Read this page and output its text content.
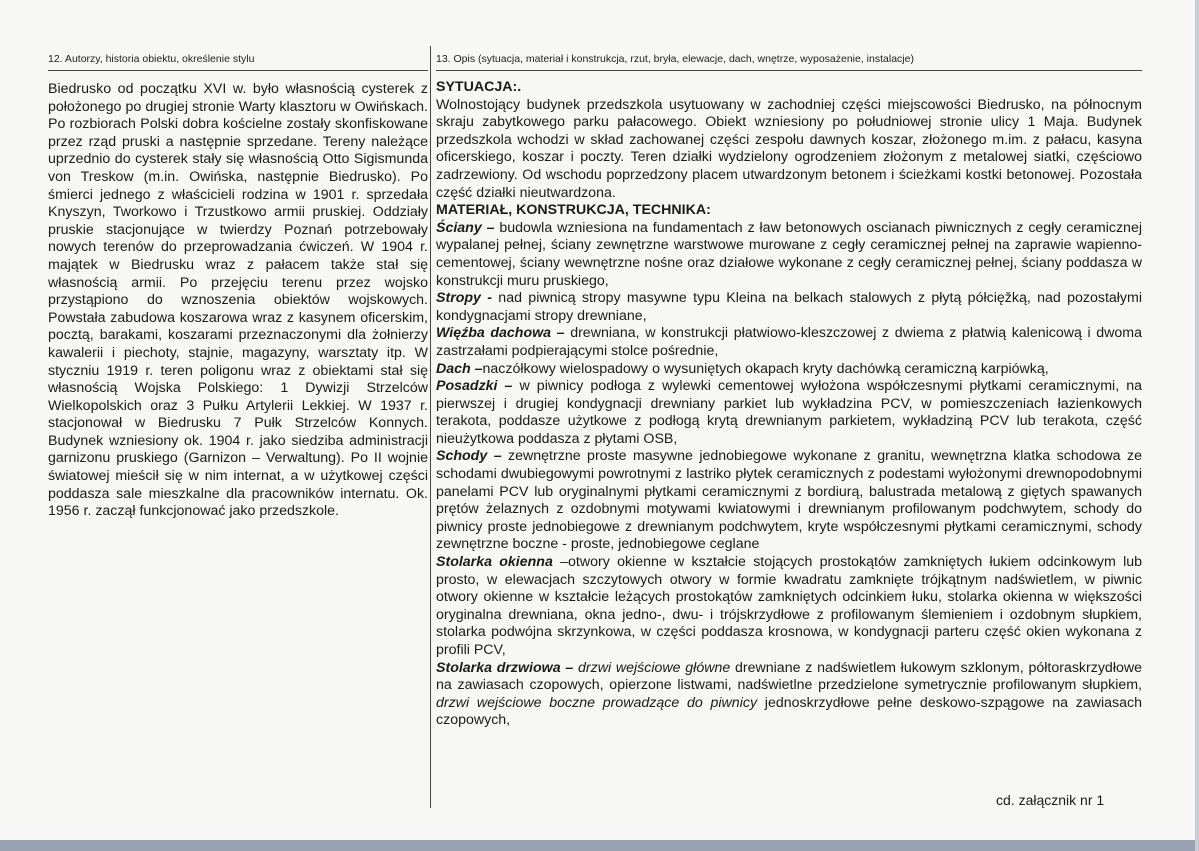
12. Autorzy, historia obiektu, określenie stylu

Biedrusko od początku XVI w. było własnością cysterek z położonego po drugiej stronie Warty klasztoru w Owińskach. Po rozbiorach Polski dobra kościelne zostały skonfiskowane przez rząd pruski a następnie sprzedane. Tereny należące uprzednio do cysterek stały się własnością Otto Sigismunda von Treskow (m.in. Owińska, następnie Biedrusko). Po śmierci jednego z właścicieli rodzina w 1901 r. sprzedała Knyszyn, Tworkowo i Trzustkowo armii pruskiej. Oddziały pruskie stacjonujące w twierdzy Poznań potrzebowały nowych terenów do przeprowadzania ćwiczeń. W 1904 r. majątek w Biedrusku wraz z pałacem także stał się własnością armii. Po przejęciu terenu przez wojsko przystąpiono do wznoszenia obiektów wojskowych. Powstała zabudowa koszarowa wraz z kasynem oficerskim, pocztą, barakami, koszarami przeznaczonymi dla żołnierzy kawalerii i piechoty, stajnie, magazyny, warsztaty itp. W styczniu 1919 r. teren poligonu wraz z obiektami stał się własnością Wojska Polskiego: 1 Dywizji Strzelców Wielkopolskich oraz 3 Pułku Artylerii Lekkiej. W 1937 r. stacjonował w Biedrusku 7 Pułk Strzelców Konnych. Budynek wzniesiony ok. 1904 r. jako siedziba administracji garnizonu pruskiego (Garnizon – Verwaltung). Po II wojnie światowej mieścił się w nim internat, a w użytkowej części poddasza sale mieszkalne dla pracowników internatu. Ok. 1956 r. zaczął funkcjonować jako przedszkole.

13. Opis (sytuacja, materiał i konstrukcja, rzut, bryła, elewacje, dach, wnętrze, wyposażenie, instalacje)
SYTUACJA:.

Wolnostojący budynek przedszkola usytuowany w zachodniej części miejscowości Biedrusko, na północnym skraju zabytkowego parku pałacowego. Obiekt wzniesiony po południowej stronie ulicy 1 Maja. Budynek przedszkola wchodzi w skład zachowanej części zespołu dawnych koszar, złożonego m.im. z pałacu, kasyna oficerskiego, koszar i poczty. Teren działki wydzielony ogrodzeniem złożonym z metalowej siatki, częściowo zadrzewiony. Od wschodu poprzedzony placem utwardzonym betonem i ścieżkami kostki betonowej. Pozostała część działki nieutwardzona.

MATERIAŁ, KONSTRUKCJA, TECHNIKA:

Ściany – budowla wzniesiona na fundamentach z ław betonowych oscianach piwnicznych z cegły ceramicznej wypalanej pełnej, ściany zewnętrzne warstwowe murowane z cegły ceramicznej pełnej na zaprawie wapienno-cementowej, ściany wewnętrzne nośne oraz działowe wykonane z cegły ceramicznej pełnej, ściany poddasza w konstrukcji muru pruskiego,

Stropy - nad piwnicą stropy masywne typu Kleina na belkach stalowych z płytą półcięžką, nad pozostałymi kondygnacjami stropy drewniane,

Więźba dachowa – drewniana, w konstrukcji płatwiowo-kleszczowej z dwiema z płatwią kalenicową i dwoma zastrzałami podpierającymi stolce pośrednie,

Dach –naczółkowy wielospadowy o wysuniętych okapach kryty dachówką ceramiczną karpiówką,

Posadzki – w piwnicy podłoga z wylewki cementowej wyłożona współczesnymi płytkami ceramicznymi, na pierwszej i drugiej kondygnacji drewniany parkiet lub wykładzina PCV, w pomieszczeniach łazienkowych terakota, poddasze użytkowe z podłogą krytą drewnianym parkietem, wykładziną PCV lub terakota, część nieużytkowa poddasza z płytami OSB,

Schody – zewnętrzne proste masywne jednobiegowe wykonane z granitu, wewnętrzna klatka schodowa ze schodami dwubiegowymi powrotnymi z lastriko płytek ceramicznych z podestami wyłożonymi drewnopodobnymi panelami PCV lub oryginalnymi płytkami ceramicznymi z bordiurą, balustrada metalową z giętych spawanych prętów żelaznych z ozdobnymi motywami kwiatowymi i drewnianym profilowanym podchwytem, schody do piwnicy proste jednobiegowe z drewnianym podchwytem, kryte współczesnymi płytkami ceramicznymi, schody zewnętrzne boczne - proste, jednobiegowe ceglane

Stolarka okienna –otwory okienne w kształcie stojących prostokątów zamkniętych łukiem odcinkowym lub prosto, w elewacjach szczytowych otwory w formie kwadratu zamknięte trójkątnym nadświetlem, w piwnic otwory okienne w kształcie leżących prostokątów zamkniętych odcinkiem łuku, stolarka okienna w większości oryginalna drewniana, okna jedno-, dwu- i trójskrzydłowe z profilowanym ślemieniem i ozdobnym słupkiem, stolarka podwójna skrzynkowa, w części poddasza krosnowa, w kondygnacji parteru część okien wykonana z profili PCV,

Stolarka drzwiowa – drzwi wejściowe główne drewniane z nadświetlem łukowym szklonym, półtoraskrzydłowe na zawiasach czopowych, opierzone listwami, nadświetlne przedzielone symetrycznie profilowanym słupkiem, drzwi wejściowe boczne prowadzące do piwnicy jednoskrzydłowe pełne deskowo-szpągowe na zawiasach czopowych,

cd. załącznik nr 1
